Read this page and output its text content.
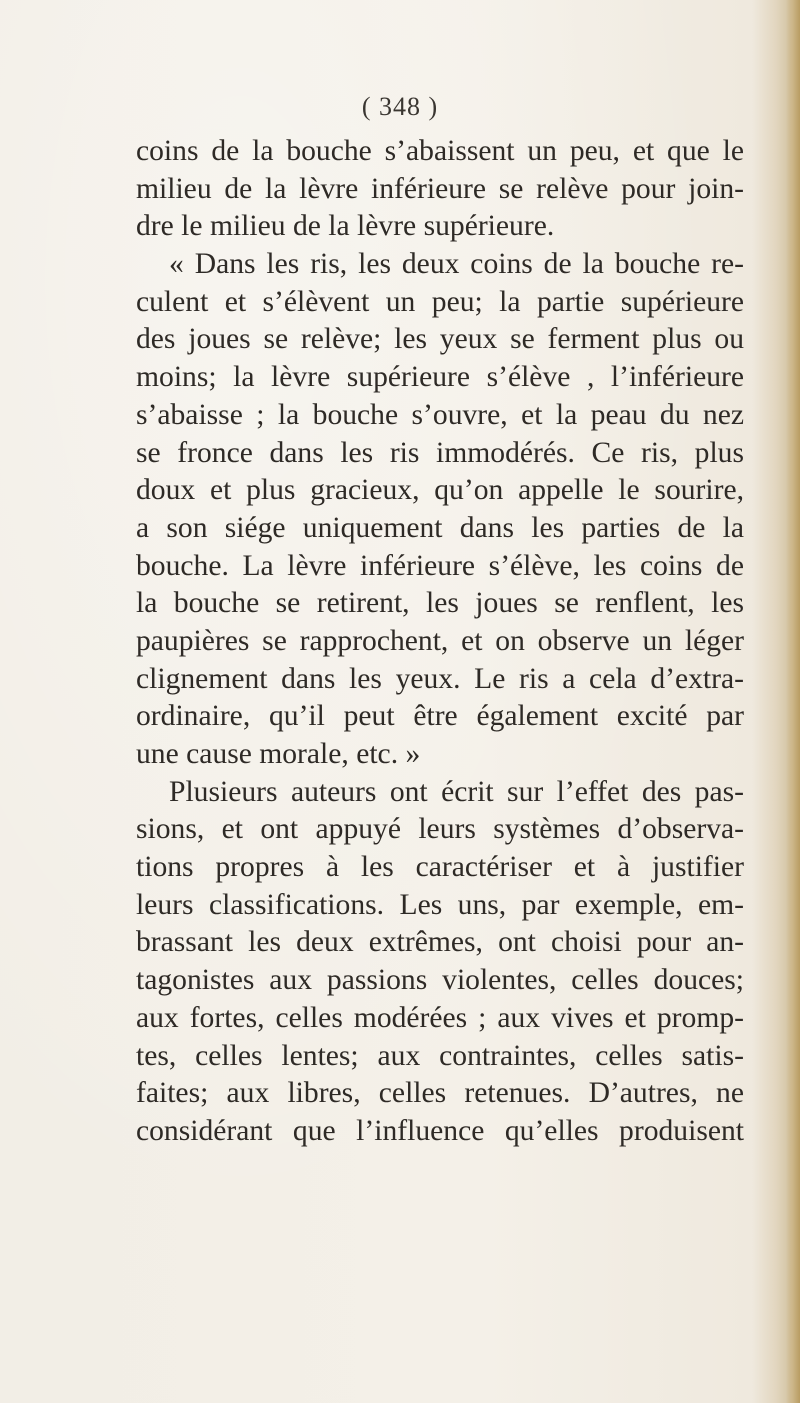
( 348 )
coins de la bouche s’abaissent un peu, et que le
milieu de la lèvre inférieure se relève pour join-
dre le milieu de la lèvre supérieure.
« Dans les ris, les deux coins de la bouche re-
culent et s’élèvent un peu; la partie supérieure
des joues se relève; les yeux se ferment plus ou
moins; la lèvre supérieure s’élève , l’inférieure
s’abaisse ; la bouche s’ouvre, et la peau du nez
se fronce dans les ris immodérés. Ce ris, plus
doux et plus gracieux, qu’on appelle le sourire,
a son siége uniquement dans les parties de la
bouche. La lèvre inférieure s’élève, les coins de
la bouche se retirent, les joues se renflent, les
paupières se rapprochent, et on observe un léger
clignement dans les yeux. Le ris a cela d’extra-
ordinaire, qu’il peut être également excité par
une cause morale, etc. »
Plusieurs auteurs ont écrit sur l’effet des pas-
sions, et ont appuyé leurs systèmes d’observa-
tions propres à les caractériser et à justifier
leurs classifications. Les uns, par exemple, em-
brassant les deux extrêmes, ont choisi pour an-
tagonistes aux passions violentes, celles douces;
aux fortes, celles modérées ; aux vives et promp-
tes, celles lentes; aux contraintes, celles satis-
faites; aux libres, celles retenues. D’autres, ne
considérant que l’influence qu’elles produisent
